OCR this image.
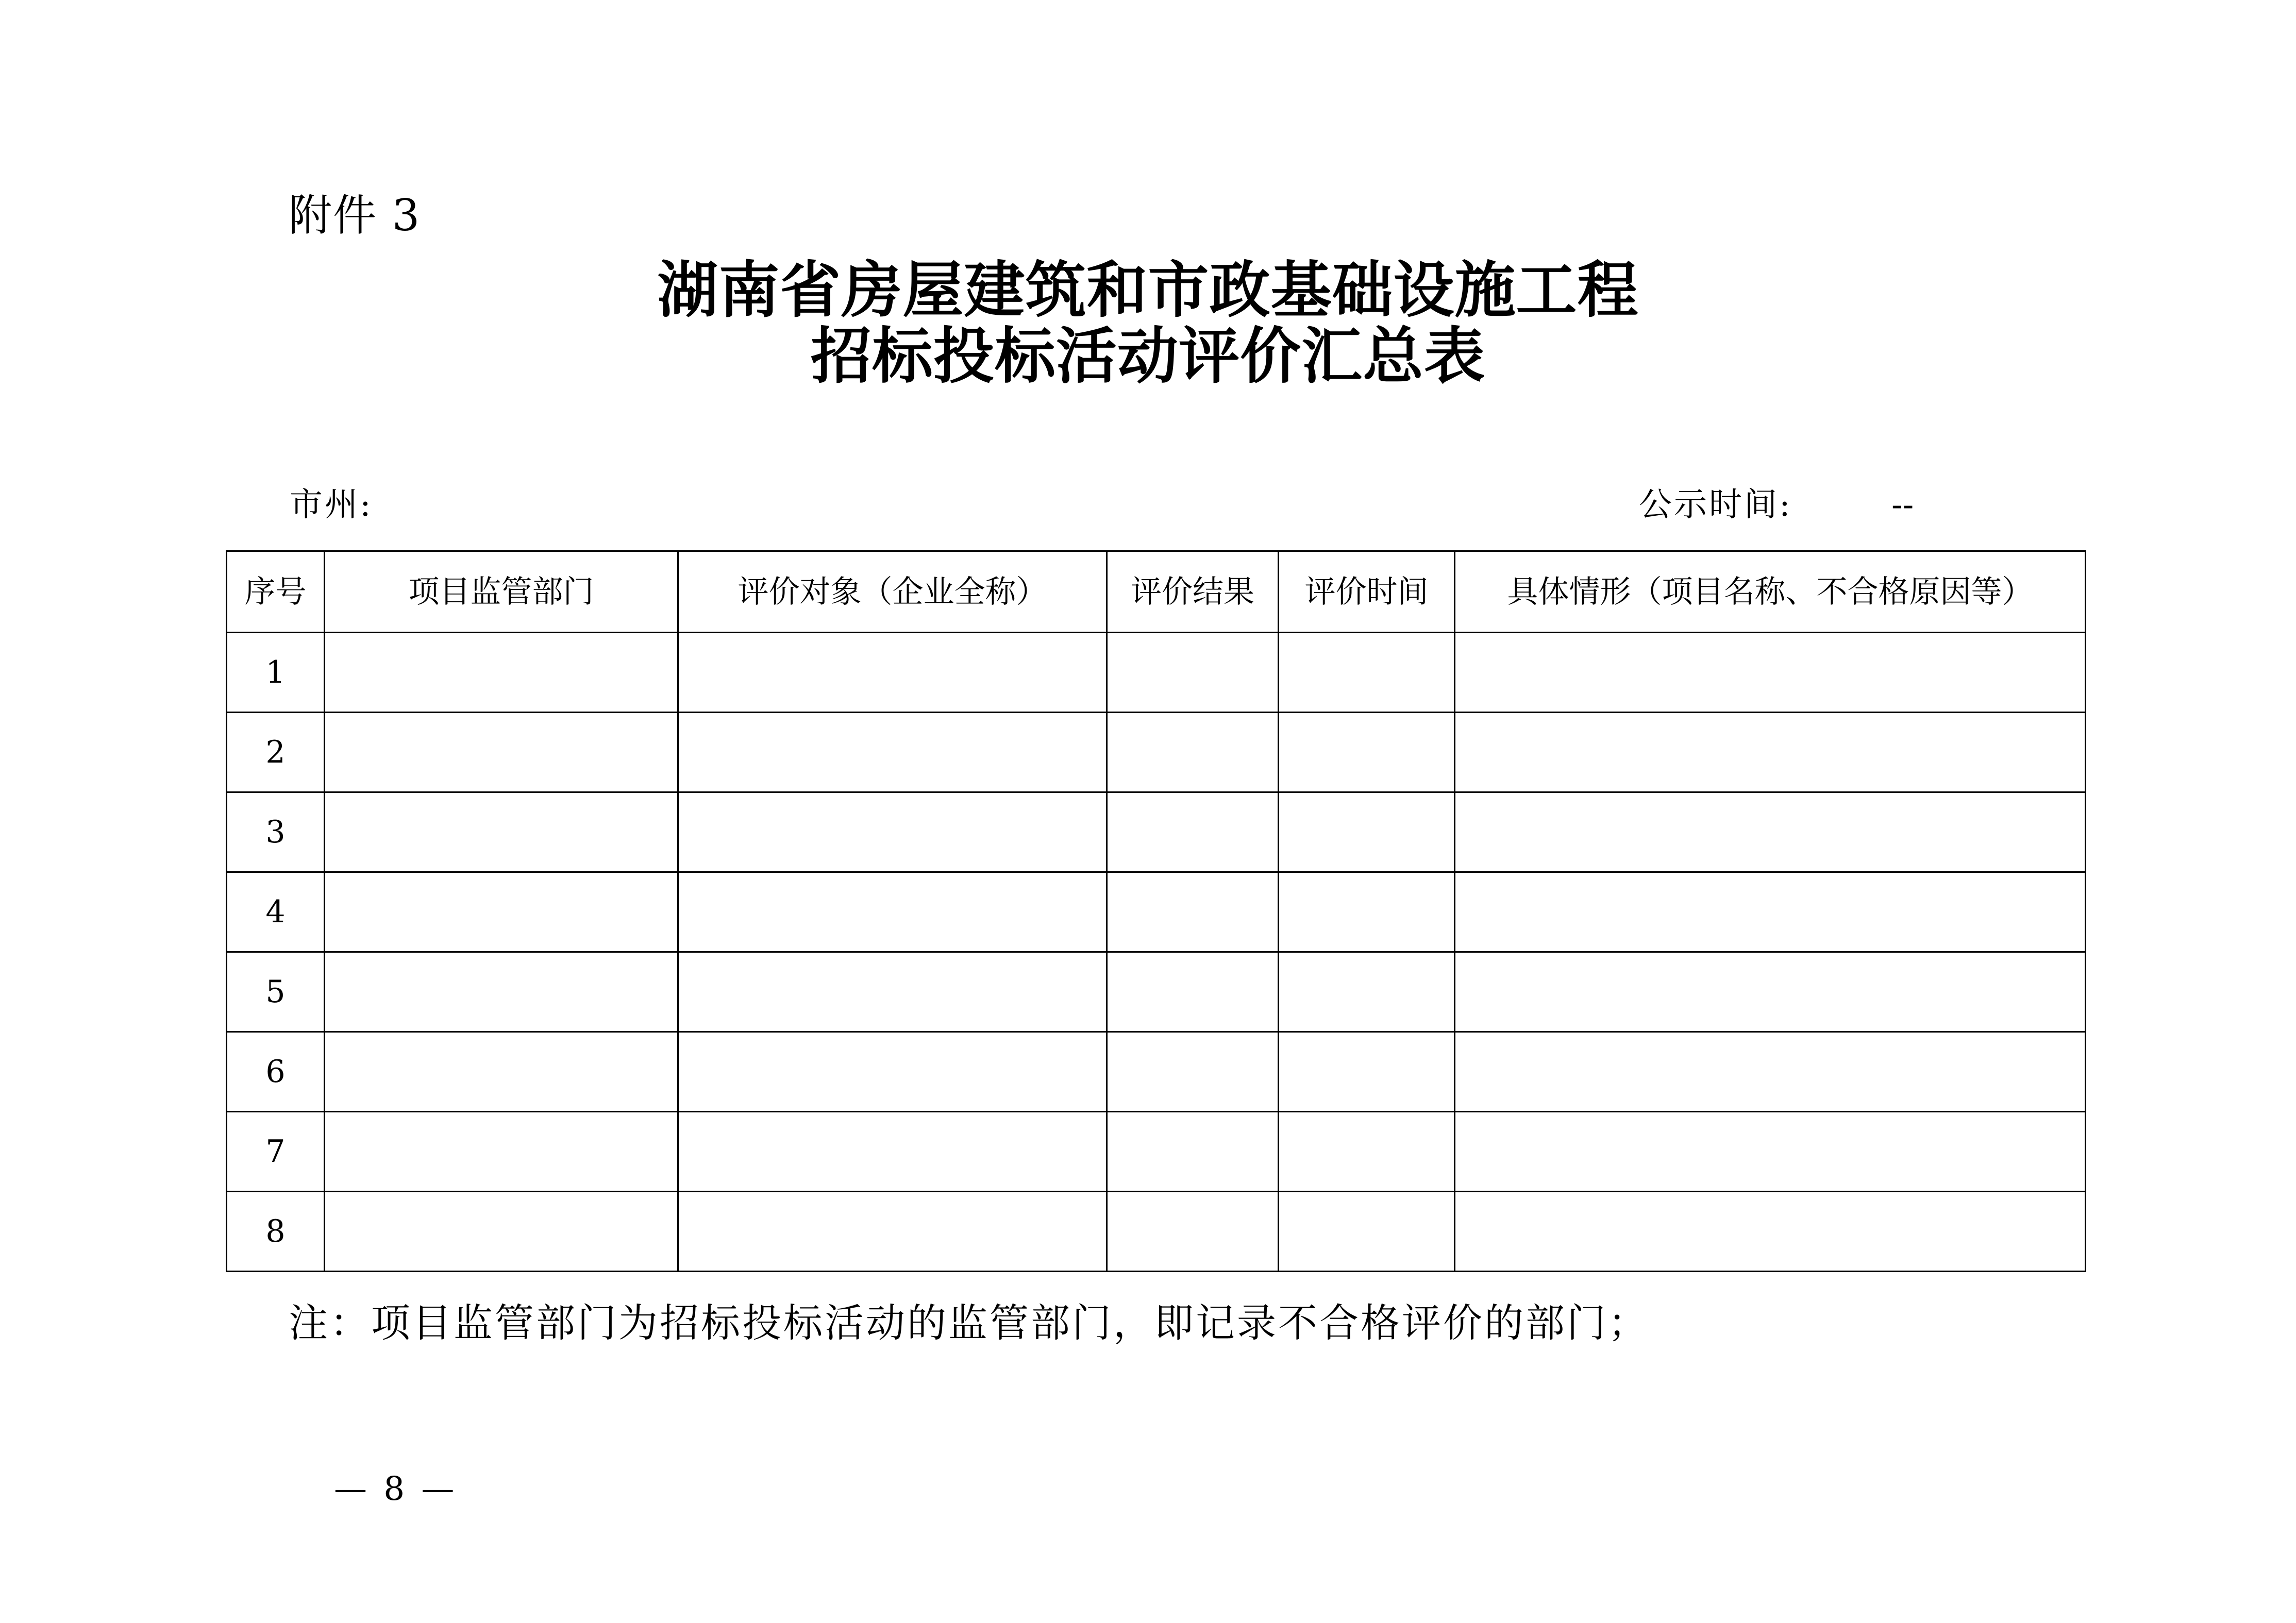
附件 3
湖南省房屋建筑和市政基础设施工程
招标投标活动评价汇总表
市州:	公示时间:	--
序号	项目监管部门	评价对象（企业全称）	评价结果	评价时间	具体情形（项目名称、不合格原因等）
1					
2					
3					
4					
5					
6					
7					
8					
注：项目监管部门为招标投标活动的监管部门，即记录不合格评价的部门；
— 8 —
